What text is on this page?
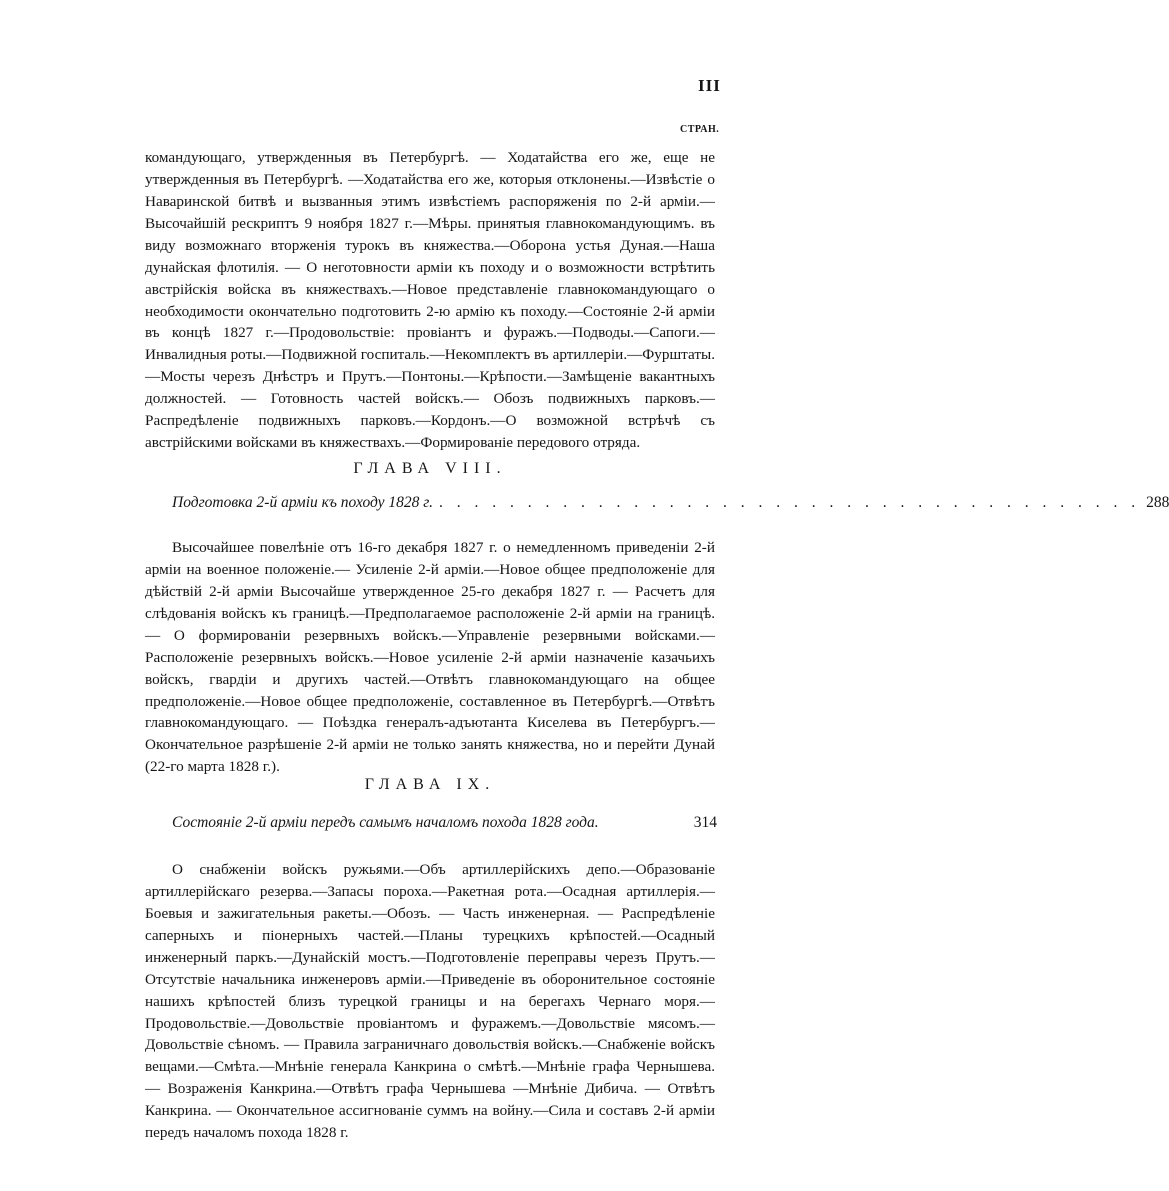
III
СТРАН.

командующаго, утвержденныя въ Петербургѣ. — Ходатайства его же, еще не утвержденныя въ Петербургѣ. —Ходатайства его же, которыя отклонены.—Извѣстіе о Наваринской битвѣ и вызванныя этимъ извѣстіемъ распоряженія по 2-й арміи.—Высочайшій рескриптъ 9 ноября 1827 г.—Мѣры. принятыя главнокомандующимъ. въ виду возможнаго вторженія турокъ въ княжества.—Оборона устья Дуная.—Наша дунайская флотилія. — О неготовности арміи къ походу и о возможности встрѣтить австрійскія войска въ княжествахъ.—Новое представленіе главнокомандующаго о необходимости окончательно подготовить 2-ю армію къ походу.—Состояніе 2-й арміи въ концѣ 1827 г.—Продовольствіе: провіантъ и фуражъ.—Подводы.—Сапоги.—Инвалидныя роты.—Подвижной госпиталь.—Некомплектъ въ артиллеріи.—Фурштаты.—Мосты черезъ Днѣстръ и Прутъ.—Понтоны.—Крѣпости.—Замѣщеніе вакантныхъ должностей. — Готовность частей войскъ.— Обозъ подвижныхъ парковъ.—Распредѣленіе подвижныхъ парковъ.—Кордонъ.—О возможной встрѣчѣ съ австрійскими войсками въ княжествахъ.—Формированіе передового отряда.

ГЛАВА VIII.
Подготовка 2-й арміи къ походу 1828 г. . . . . . . . . . . . . . . . . . . . . . . . . . . . . . . . . . . . . . . . . 288

Высочайшее повелѣніе отъ 16-го декабря 1827 г. о немедленномъ приведеніи 2-й арміи на военное положеніе.— Усиленіе 2-й арміи.—Новое общее предположеніе для дѣйствій 2-й арміи Высочайше утвержденное 25-го декабря 1827 г. — Расчетъ для слѣдованія войскъ къ границѣ.—Предполагаемое расположеніе 2-й арміи на границѣ.— О формированіи резервныхъ войскъ.—Управленіе резервными войсками.—Расположеніе резервныхъ войскъ.—Новое усиленіе 2-й арміи назначеніе казачьихъ войскъ, гвардіи и другихъ частей.—Отвѣтъ главнокомандующаго на общее предположеніе.—Новое общее предположеніе, составленное въ Петербургѣ.—Отвѣтъ главнокомандующаго. — Поѣздка генералъ-адъютанта Киселева въ Петербургъ.—Окончательное разрѣшеніе 2-й арміи не только занять княжества, но и перейти Дунай (22-го марта 1828 г.).

ГЛАВА IX.
Состояніе 2-й арміи передъ самымъ началомъ похода 1828 года.	314

О снабженіи войскъ ружьями.—Объ артиллерійскихъ депо.—Образованіе артиллерійскаго резерва.—Запасы пороха.—Ракетная рота.—Осадная артиллерія.—Боевыя и зажигательныя ракеты.—Обозъ. — Часть инженерная. — Распредѣленіе саперныхъ и піонерныхъ частей.—Планы турецкихъ крѣпостей.—Осадный инженерный паркъ.—Дунайскій мостъ.—Подготовленіе переправы черезъ Прутъ.—Отсутствіе начальника инженеровъ арміи.—Приведеніе въ оборонительное состояніе нашихъ крѣпостей близъ турецкой границы и на берегахъ Чернаго моря.—Продовольствіе.—Довольствіе провіантомъ и фуражемъ.—Довольствіе мясомъ.—Довольствіе сѣномъ. — Правила заграничнаго довольствія войскъ.—Снабженіе войскъ вещами.—Смѣта.—Мнѣніе генерала Канкрина о смѣтѣ.—Мнѣніе графа Чернышева. — Возраженія Канкрина.—Отвѣтъ графа Чернышева —Мнѣніе Дибича. — Отвѣтъ Канкрина. — Окончательное ассигнованіе суммъ на войну.—Сила и составъ 2-й арміи передъ началомъ похода 1828 г.
